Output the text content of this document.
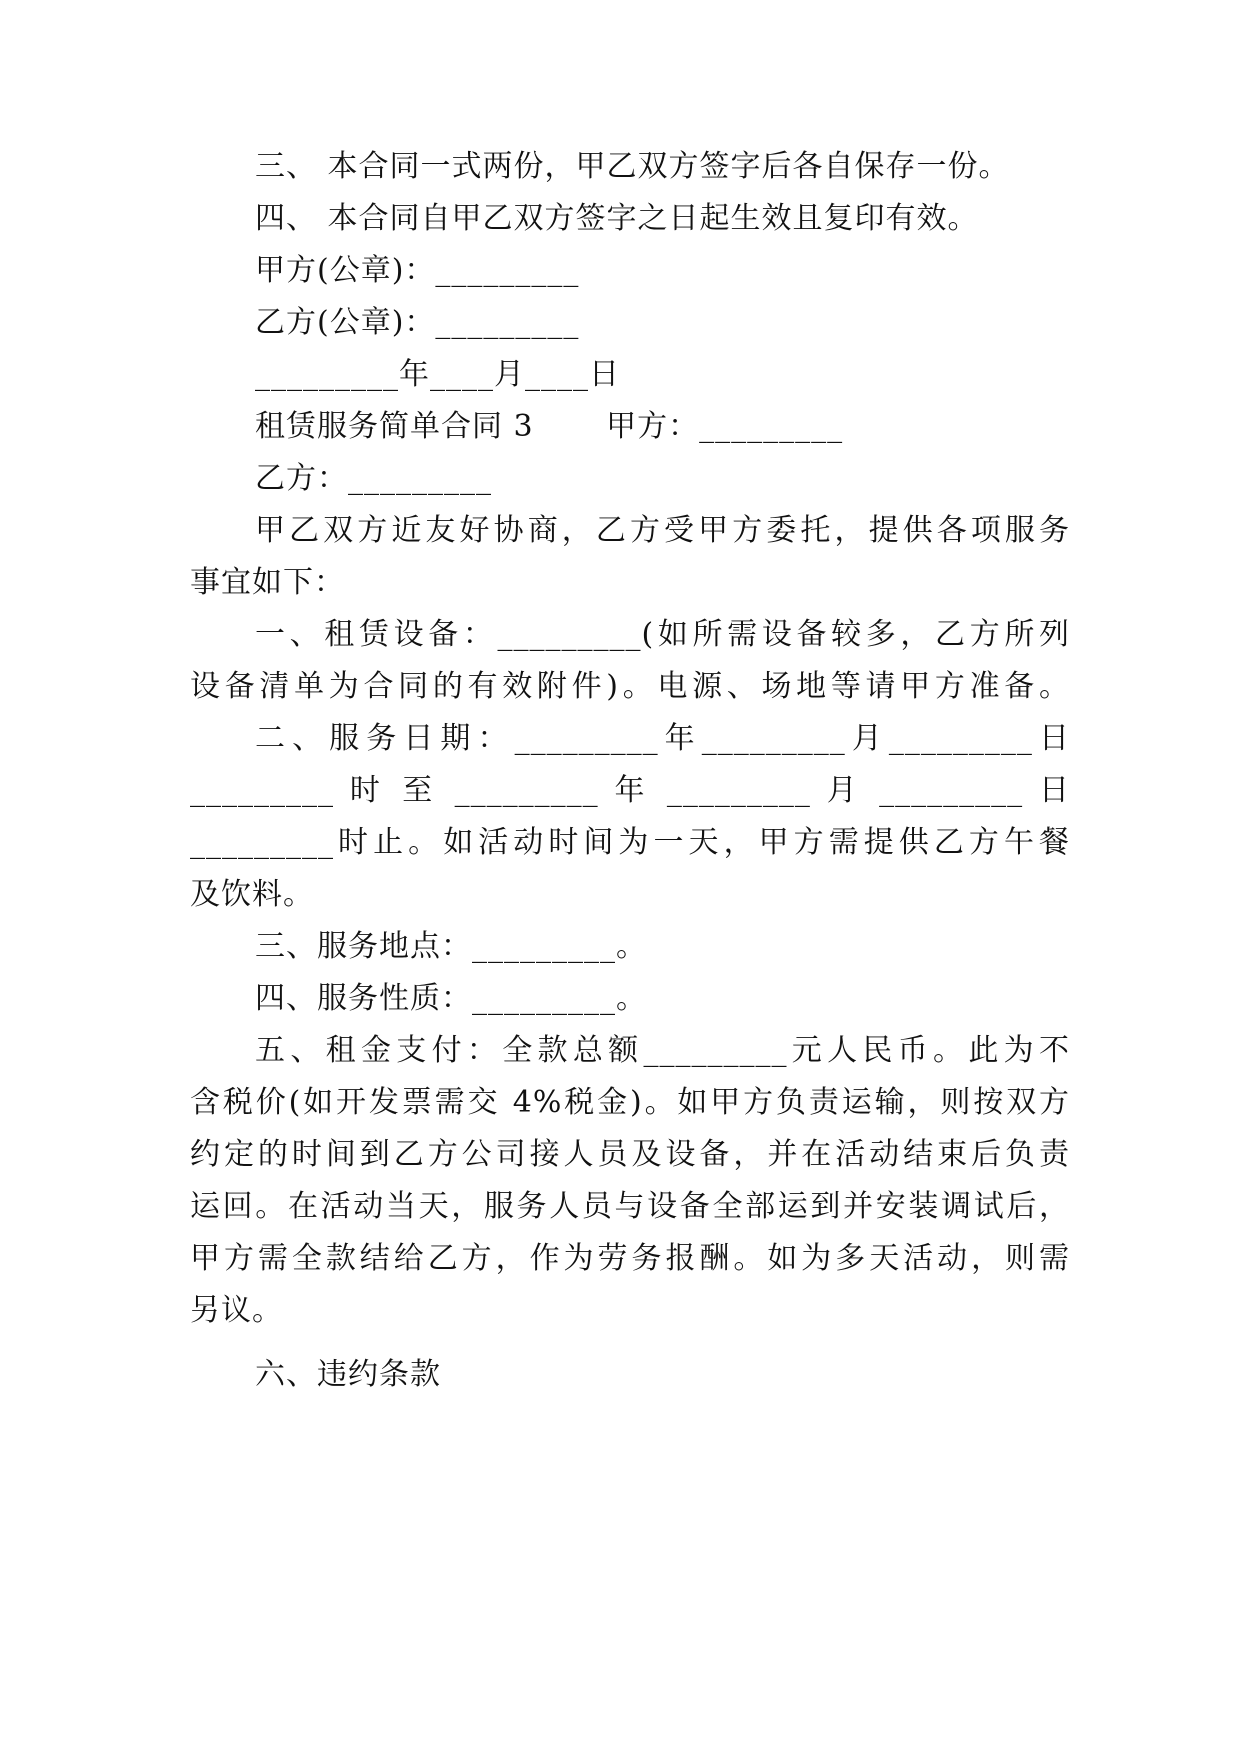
三、 本合同一式两份，甲乙双方签字后各自保存一份。
四、 本合同自甲乙双方签字之日起生效且复印有效。
甲方(公章)：_________
乙方(公章)：_________
_________年____月____日
租赁服务简单合同 3　　 甲方：_________
乙方：_________
甲乙双方近友好协商，乙方受甲方委托，提供各项服务
事宜如下：
一、租赁设备：_________(如所需设备较多，乙方所列
设备清单为合同的有效附件)。电源、场地等请甲方准备。
二、服务日期：_________年_________月_________日
_________ 时 至 _________ 年 _________ 月 _________ 日
_________时止。如活动时间为一天，甲方需提供乙方午餐
及饮料。
三、服务地点：_________。
四、服务性质：_________。
五、租金支付：全款总额_________元人民币。此为不
含税价(如开发票需交 4%税金)。如甲方负责运输，则按双方
约定的时间到乙方公司接人员及设备，并在活动结束后负责
运回。在活动当天，服务人员与设备全部运到并安装调试后，
甲方需全款结给乙方，作为劳务报酬。如为多天活动，则需
另议。
六、违约条款
